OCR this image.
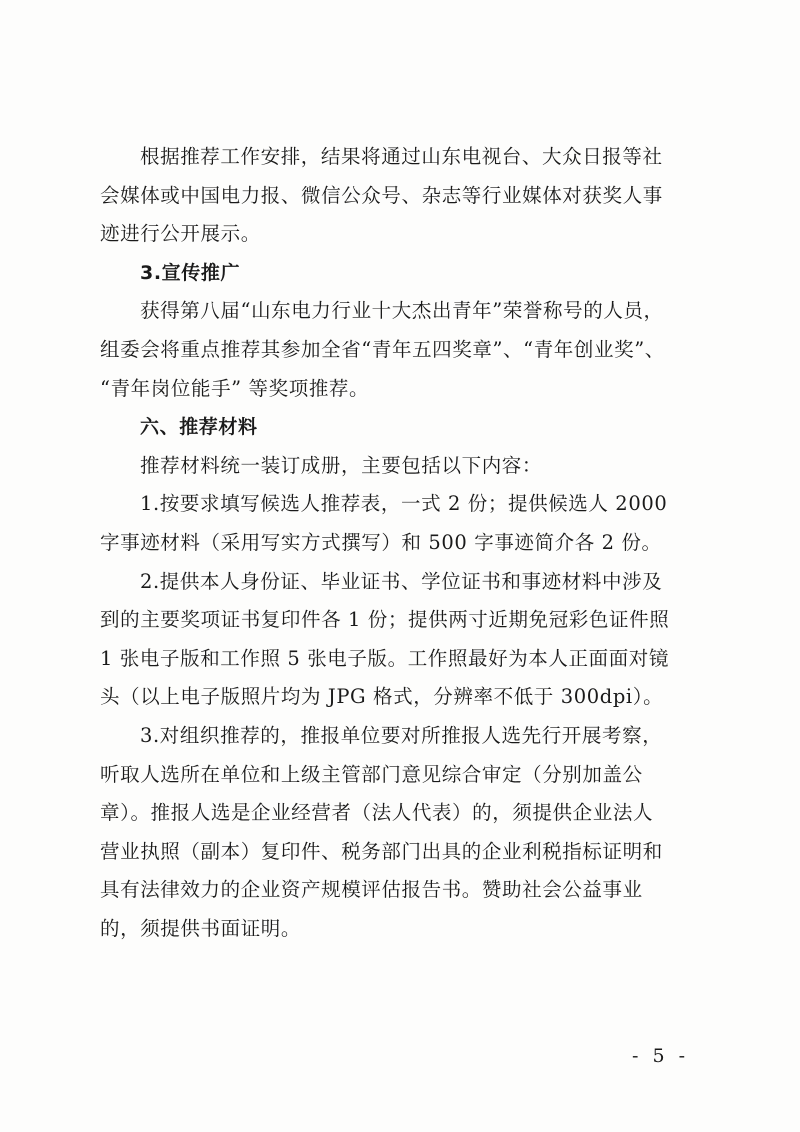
根据推荐工作安排，结果将通过山东电视台、大众日报等社
会媒体或中国电力报、微信公众号、杂志等行业媒体对获奖人事
迹进行公开展示。
3.宣传推广
获得第八届“山东电力行业十大杰出青年”荣誉称号的人员，
组委会将重点推荐其参加全省“青年五四奖章”、“青年创业奖”、
“青年岗位能手” 等奖项推荐。
六、推荐材料
推荐材料统一装订成册，主要包括以下内容：
1.按要求填写候选人推荐表，一式 2 份；提供候选人 2000
字事迹材料（采用写实方式撰写）和 500 字事迹简介各 2 份。
2.提供本人身份证、毕业证书、学位证书和事迹材料中涉及
到的主要奖项证书复印件各 1 份；提供两寸近期免冠彩色证件照
1 张电子版和工作照 5 张电子版。工作照最好为本人正面面对镜
头（以上电子版照片均为 JPG 格式，分辨率不低于 300dpi）。
3.对组织推荐的，推报单位要对所推报人选先行开展考察，
听取人选所在单位和上级主管部门意见综合审定（分别加盖公
章）。推报人选是企业经营者（法人代表）的，须提供企业法人
营业执照（副本）复印件、税务部门出具的企业利税指标证明和
具有法律效力的企业资产规模评估报告书。赞助社会公益事业
的，须提供书面证明。
- 5 -
